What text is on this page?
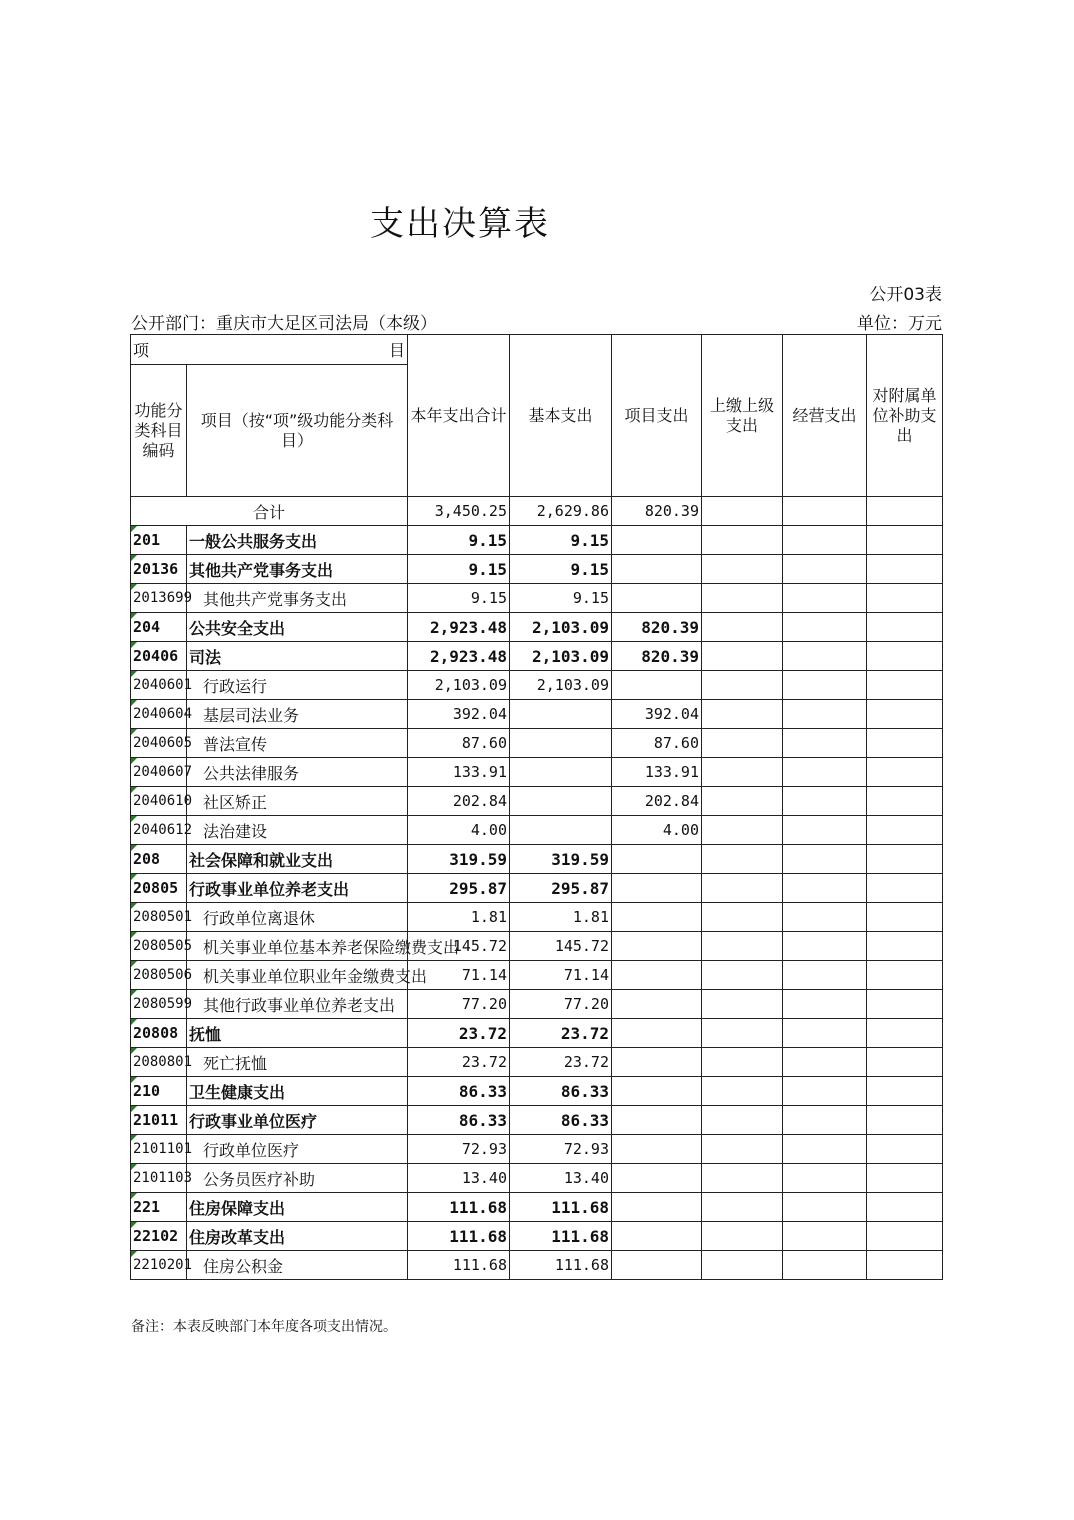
支出决算表
公开03表
公开部门：重庆市大足区司法局（本级）	单位：万元
项 目		本年支出合计	基本支出	项目支出	上缴上级支出	经营支出	对附属单位补助支出
功能分类科目编码	项目（按“项”级功能分类科目）						
合计		3,450.25	2,629.86	820.39			
201	一般公共服务支出	9.15	9.15				
20136	其他共产党事务支出	9.15	9.15				
2013699	其他共产党事务支出	9.15	9.15				
204	公共安全支出	2,923.48	2,103.09	820.39			
20406	司法	2,923.48	2,103.09	820.39			
2040601	行政运行	2,103.09	2,103.09				
2040604	基层司法业务	392.04		392.04			
2040605	普法宣传	87.60		87.60			
2040607	公共法律服务	133.91		133.91			
2040610	社区矫正	202.84		202.84			
2040612	法治建设	4.00		4.00			
208	社会保障和就业支出	319.59	319.59				
20805	行政事业单位养老支出	295.87	295.87				
2080501	行政单位离退休	1.81	1.81				
2080505	机关事业单位基本养老保险缴费支出	145.72	145.72				
2080506	机关事业单位职业年金缴费支出	71.14	71.14				
2080599	其他行政事业单位养老支出	77.20	77.20				
20808	抚恤	23.72	23.72				
2080801	死亡抚恤	23.72	23.72				
210	卫生健康支出	86.33	86.33				
21011	行政事业单位医疗	86.33	86.33				
2101101	行政单位医疗	72.93	72.93				
2101103	公务员医疗补助	13.40	13.40				
221	住房保障支出	111.68	111.68				
22102	住房改革支出	111.68	111.68				
2210201	住房公积金	111.68	111.68				
备注：本表反映部门本年度各项支出情况。
